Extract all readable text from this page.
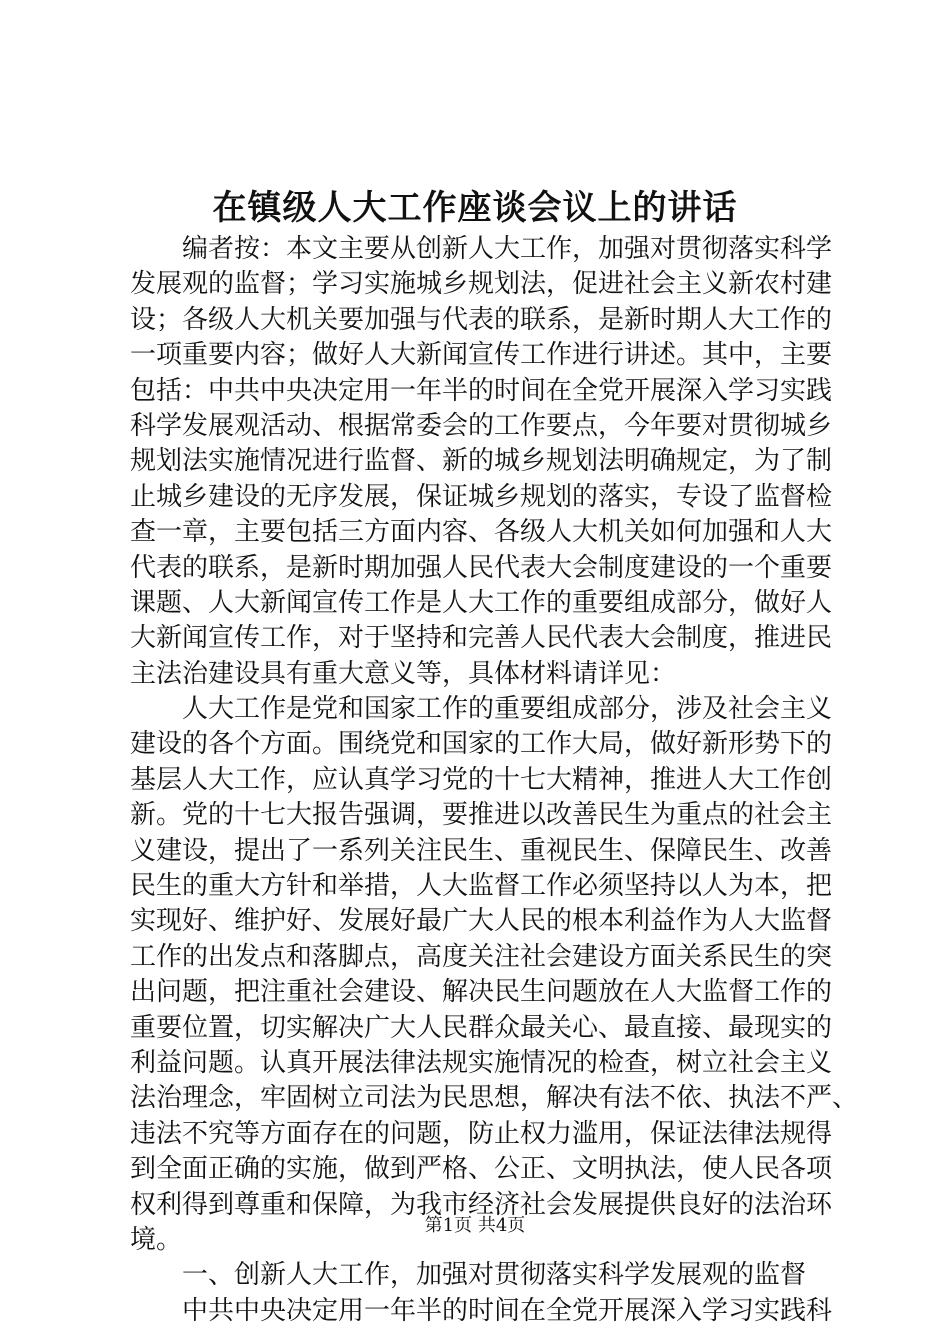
在镇级人大工作座谈会议上的讲话
编者按：本文主要从创新人大工作，加强对贯彻落实科学
发展观的监督；学习实施城乡规划法，促进社会主义新农村建
设；各级人大机关要加强与代表的联系，是新时期人大工作的
一项重要内容；做好人大新闻宣传工作进行讲述。其中，主要
包括：中共中央决定用一年半的时间在全党开展深入学习实践
科学发展观活动、根据常委会的工作要点，今年要对贯彻城乡
规划法实施情况进行监督、新的城乡规划法明确规定，为了制
止城乡建设的无序发展，保证城乡规划的落实，专设了监督检
查一章，主要包括三方面内容、各级人大机关如何加强和人大
代表的联系，是新时期加强人民代表大会制度建设的一个重要
课题、人大新闻宣传工作是人大工作的重要组成部分，做好人
大新闻宣传工作，对于坚持和完善人民代表大会制度，推进民
主法治建设具有重大意义等，具体材料请详见：
人大工作是党和国家工作的重要组成部分，涉及社会主义
建设的各个方面。围绕党和国家的工作大局，做好新形势下的
基层人大工作，应认真学习党的十七大精神，推进人大工作创
新。党的十七大报告强调，要推进以改善民生为重点的社会主
义建设，提出了一系列关注民生、重视民生、保障民生、改善
民生的重大方针和举措，人大监督工作必须坚持以人为本，把
实现好、维护好、发展好最广大人民的根本利益作为人大监督
工作的出发点和落脚点，高度关注社会建设方面关系民生的突
出问题，把注重社会建设、解决民生问题放在人大监督工作的
重要位置，切实解决广大人民群众最关心、最直接、最现实的
利益问题。认真开展法律法规实施情况的检查，树立社会主义
法治理念，牢固树立司法为民思想，解决有法不依、执法不严、
违法不究等方面存在的问题，防止权力滥用，保证法律法规得
到全面正确的实施，做到严格、公正、文明执法，使人民各项
权利得到尊重和保障，为我市经济社会发展提供良好的法治环
境。
一、创新人大工作，加强对贯彻落实科学发展观的监督
中共中央决定用一年半的时间在全党开展深入学习实践科
第1页 共4页
